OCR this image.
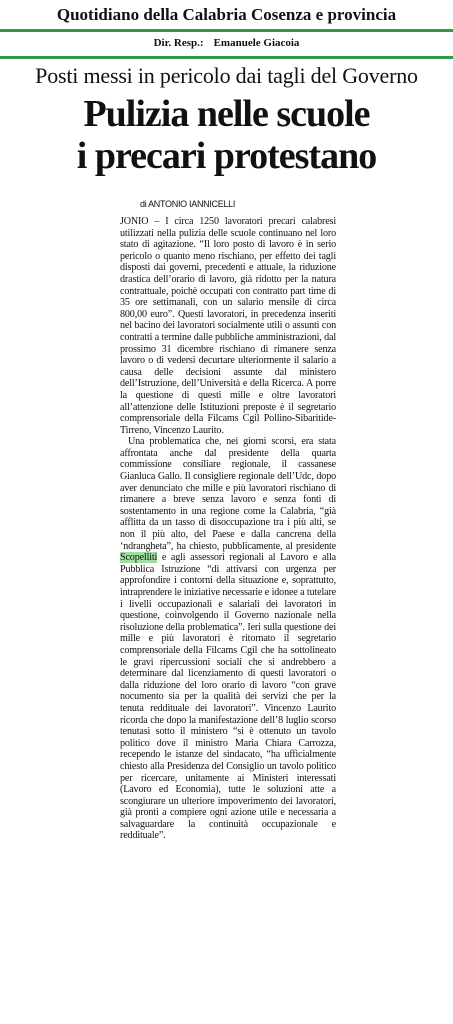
Quotidiano della Calabria Cosenza e provincia
Dir. Resp.: Emanuele Giacoia
Posti messi in pericolo dai tagli del Governo
Pulizia nelle scuole
i precari protestano
di ANTONIO IANNICELLI

JONIO – I circa 1250 lavoratori precari calabresi utilizzati nella pulizia delle scuole continuano nel loro stato di agitazione. “Il loro posto di lavoro è in serio pericolo o quanto meno rischiano, per effetto dei tagli disposti dai governi, precedenti e attuale, la riduzione drastica dell’orario di lavoro, già ridotto per la natura contrattuale, poichè occupati con contratto part time di 35 ore settimanali, con un salario mensile di circa 800,00 euro”. Questi lavoratori, in precedenza inseriti nel bacino dei lavoratori socialmente utili o assunti con contratti a termine dalle pubbliche amministrazioni, dal prossimo 31 dicembre rischiano di rimanere senza lavoro o di vedersi decurtare ulteriormente il salario a causa delle decisioni assunte dal ministero dell’Istruzione, dell’Università e della Ricerca. A porre la questione di questi mille e oltre lavoratori all’attenzione delle Istituzioni preposte è il segretario comprensoriale della Filcams Cgil Pollino-Sibaritide-Tirreno, Vincenzo Laurito.

Una problematica che, nei giorni scorsi, era stata affrontata anche dal presidente della quarta commissione consiliare regionale, il cassanese Gianluca Gallo. Il consigliere regionale dell’Udc, dopo aver denunciato che mille e più lavoratori rischiano di rimanere a breve senza lavoro e senza fonti di sostentamento in una regione come la Calabria, “già afflitta da un tasso di disoccupazione tra i più alti, se non il più alto, del Paese e dalla cancrena della ‘ndrangheta”, ha chiesto, pubblicamente, al presidente Scopelliti e agli assessori regionali al Lavoro e alla Pubblica Istruzione “di attivarsi con urgenza per approfondire i contorni della situazione e, soprattutto, intraprendere le iniziative necessarie e idonee a tutelare i livelli occupazionali e salariali dei lavoratori in questione, coinvolgendo il Governo nazionale nella risoluzione della problematica”. Ieri sulla questione dei mille e più lavoratori è ritornato il segretario comprensoriale della Filcams Cgil che ha sottolineato le gravi ripercussioni sociali che si andrebbero a determinare dal licenziamento di questi lavoratori o dalla riduzione del loro orario di lavoro “con grave nocumento sia per la qualità dei servizi che per la tenuta reddituale dei lavoratori”. Vincenzo Laurito ricorda che dopo la manifestazione dell’8 luglio scorso tenutasi sotto il ministero “si è ottenuto un tavolo politico dove il ministro Maria Chiara Carrozza, recependo le istanze del sindacato, “ha ufficialmente chiesto alla Presidenza del Consiglio un tavolo politico per ricercare, unitamente ai Ministeri interessati (Lavoro ed Economia), tutte le soluzioni atte a scongiurare un ulteriore impoverimento dei lavoratori, già pronti a compiere ogni azione utile e necessaria a salvaguardare la continuità occupazionale e reddituale”.
